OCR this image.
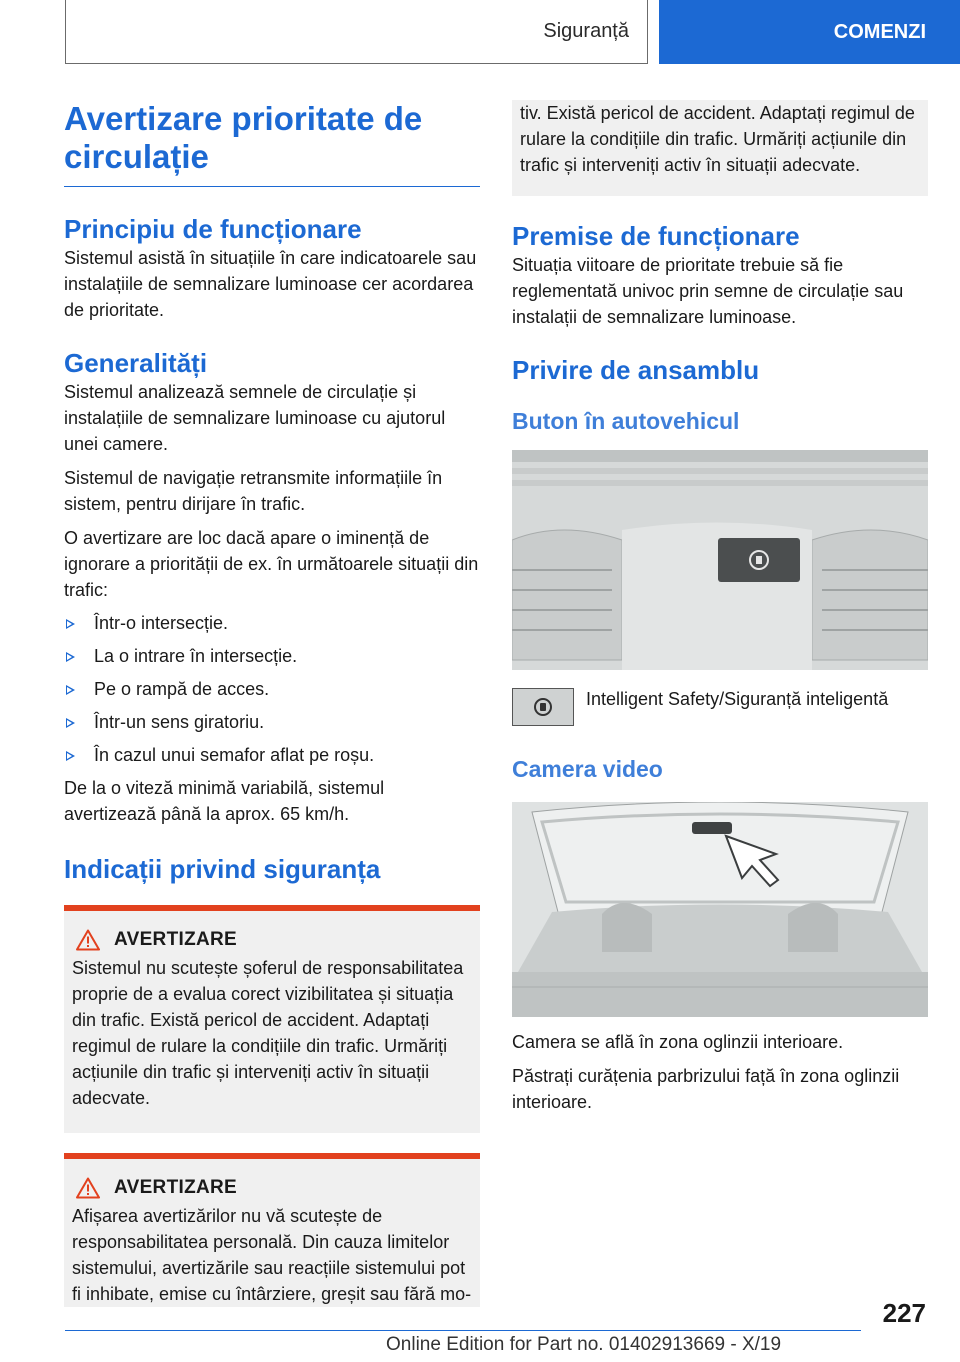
Siguranță	COMENZI
Avertizare prioritate de circulație
Principiu de funcționare

Sistemul asistă în situațiile în care indicatoarele sau instalațiile de semnalizare luminoase cer acordarea de prioritate.

Generalități

Sistemul analizează semnele de circulație și instalațiile de semnalizare luminoase cu ajutorul unei camere.

Sistemul de navigație retransmite informațiile în sistem, pentru dirijare în trafic.

O avertizare are loc dacă apare o iminență de ignorare a priorității de ex. în următoarele situații din trafic:

Într-o intersecție.
La o intrare în intersecție.
Pe o rampă de acces.
Într-un sens giratoriu.
În cazul unui semafor aflat pe roșu.

De la o viteză minimă variabilă, sistemul avertizează până la aprox. 65 km/h.

Indicații privind siguranța
AVERTIZARE

Sistemul nu scutește șoferul de responsabilitatea proprie de a evalua corect vizibilitatea și situația din trafic. Există pericol de accident. Adaptați regimul de rulare la condițiile din trafic. Urmăriți acțiunile din trafic și interveniți activ în situații adecvate.

AVERTIZARE

Afișarea avertizărilor nu vă scutește de responsabilitatea personală. Din cauza limitelor sistemului, avertizările sau reacțiile sistemului pot fi inhibate, emise cu întârziere, greșit sau fără mo-

tiv. Există pericol de accident. Adaptați regimul de rulare la condițiile din trafic. Urmăriți acțiunile din trafic și interveniți activ în situații adecvate.

Premise de funcționare

Situația viitoare de prioritate trebuie să fie reglementată univoc prin semne de circulație sau instalații de semnalizare luminoase.

Privire de ansamblu
Buton în autovehicul

Intelligent Safety/Siguranță inteligentă

Camera video

Camera se află în zona oglinzii interioare.

Păstrați curățenia parbrizului față în zona oglinzii interioare.

227
Online Edition for Part no. 01402913669 - X/19
